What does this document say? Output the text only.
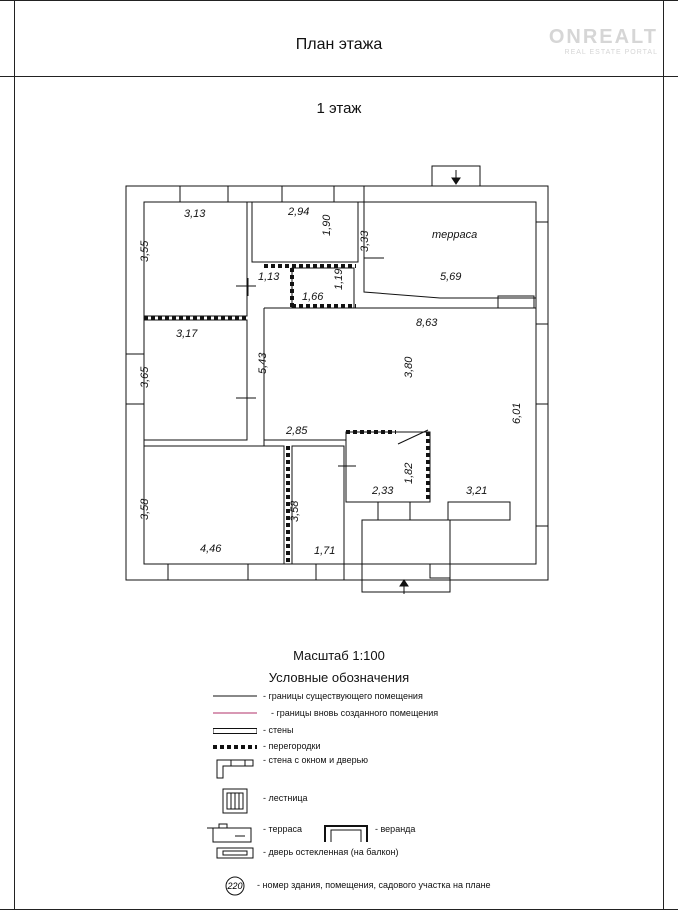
План этажа	ONREALT
REAL ESTATE PORTAL
1 этаж
3,13
3,55
2,94
1,90
3,33	терраса
5,69
1,13	1,19
1,66
3,17
3,65
5,43
8,63
3,80
6,01
2,85
1,82
2,33	3,21
3,58
4,46
3,58
1,71
Масштаб 1:100
Условные обозначения
- границы существующего помещения
- границы вновь созданного помещения
- стены
- перегородки
- стена с окном и дверью
- лестница
- терраса	- веранда
- дверь остекленная (на балкон)
220 - номер здания, помещения, садового участка на плане
